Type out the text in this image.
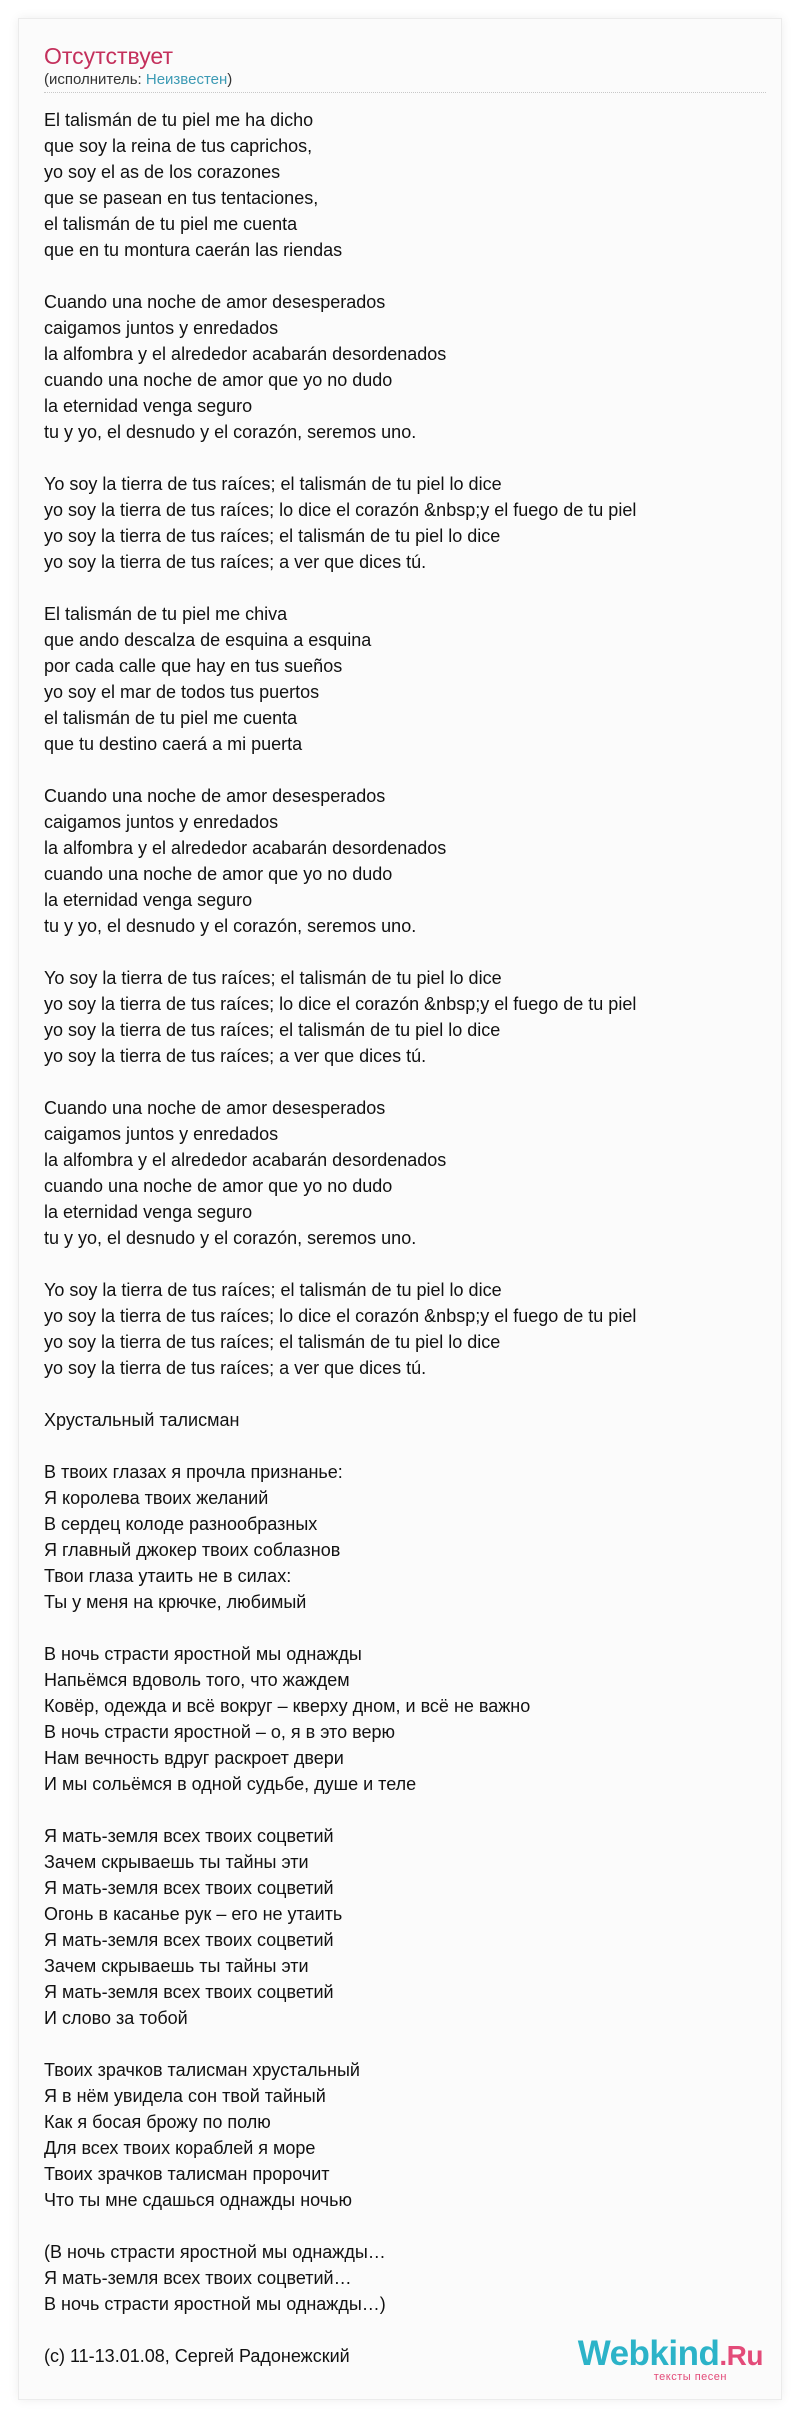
Отсутствует
(исполнитель: Неизвестен)
El talismán de tu piel me ha dicho
que soy la reina de tus caprichos,
yo soy el as de los corazones
que se pasean en tus tentaciones,
el talismán de tu piel me cuenta
que en tu montura caerán las riendas
Cuando una noche de amor desesperados
caigamos juntos y enredados
la alfombra y el alrededor acabarán desordenados
cuando una noche de amor que yo no dudo
la eternidad venga seguro
tu y yo, el desnudo y el corazón, seremos uno.
Yo soy la tierra de tus raíces; el talismán de tu piel lo dice
yo soy la tierra de tus raíces; lo dice el corazón &nbsp;y el fuego de tu piel
yo soy la tierra de tus raíces; el talismán de tu piel lo dice
yo soy la tierra de tus raíces; a ver que dices tú.
El talismán de tu piel me chiva
que ando descalza de esquina a esquina
por cada calle que hay en tus sueños
yo soy el mar de todos tus puertos
el talismán de tu piel me cuenta
que tu destino caerá a mi puerta
Cuando una noche de amor desesperados
caigamos juntos y enredados
la alfombra y el alrededor acabarán desordenados
cuando una noche de amor que yo no dudo
la eternidad venga seguro
tu y yo, el desnudo y el corazón, seremos uno.
Yo soy la tierra de tus raíces; el talismán de tu piel lo dice
yo soy la tierra de tus raíces; lo dice el corazón &nbsp;y el fuego de tu piel
yo soy la tierra de tus raíces; el talismán de tu piel lo dice
yo soy la tierra de tus raíces; a ver que dices tú.
Cuando una noche de amor desesperados
caigamos juntos y enredados
la alfombra y el alrededor acabarán desordenados
cuando una noche de amor que yo no dudo
la eternidad venga seguro
tu y yo, el desnudo y el corazón, seremos uno.
Yo soy la tierra de tus raíces; el talismán de tu piel lo dice
yo soy la tierra de tus raíces; lo dice el corazón &nbsp;y el fuego de tu piel
yo soy la tierra de tus raíces; el talismán de tu piel lo dice
yo soy la tierra de tus raíces; a ver que dices tú.
Хрустальный талисман
В твоих глазах я прочла признанье:
Я королева твоих желаний
В сердец колоде разнообразных
Я главный джокер твоих соблазнов
Твои глаза утаить не в силах:
Ты у меня на крючке, любимый
В ночь страсти яростной мы однажды
Напьёмся вдоволь того, что жаждем
Ковёр, одежда и всё вокруг – кверху дном, и всё не важно
В ночь страсти яростной – о, я в это верю
Нам вечность вдруг раскроет двери
И мы сольёмся в одной судьбе, душе и теле
Я мать-земля всех твоих соцветий
Зачем скрываешь ты тайны эти
Я мать-земля всех твоих соцветий
Огонь в касанье рук – его не утаить
Я мать-земля всех твоих соцветий
Зачем скрываешь ты тайны эти
Я мать-земля всех твоих соцветий
И слово за тобой
Твоих зрачков талисман хрустальный
Я в нём увидела сон твой тайный
Как я босая брожу по полю
Для всех твоих кораблей я море
Твоих зрачков талисман пророчит
Что ты мне сдашься однажды ночью
(В ночь страсти яростной мы однажды…
Я мать-земля всех твоих соцветий…
В ночь страсти яростной мы однажды…)
(c) 11-13.01.08, Сергей Радонежский	Webkind.Ru
тексты песен
